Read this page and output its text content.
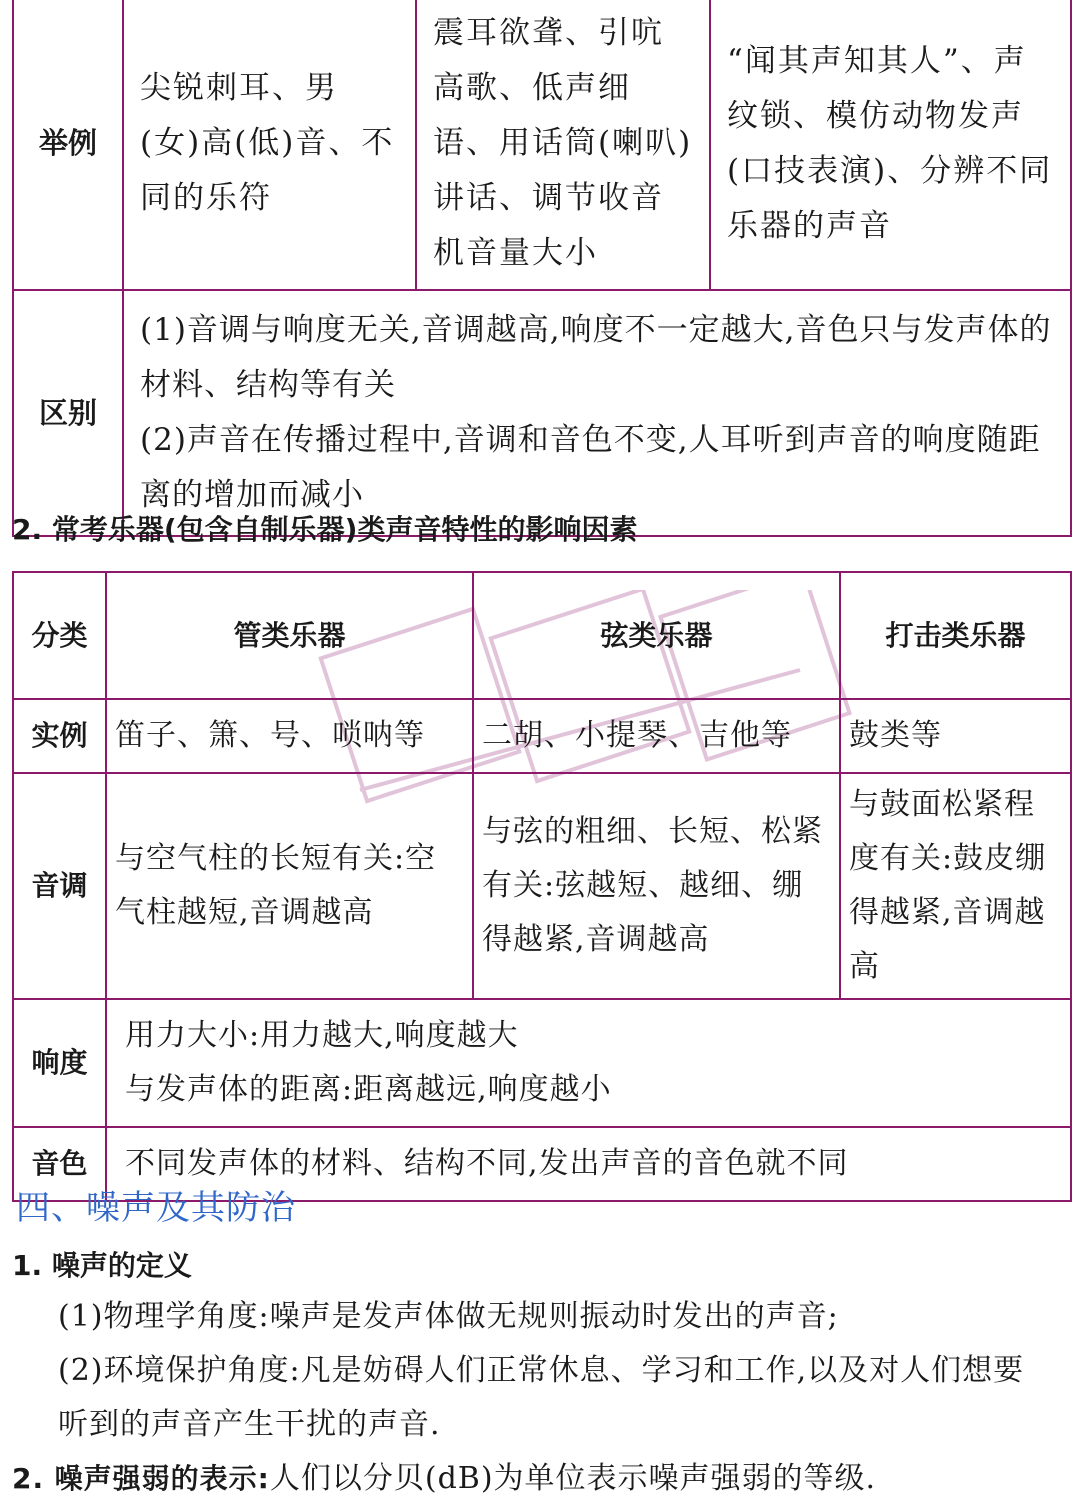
举例	尖锐刺耳、男(女)高(低)音、不同的乐符	震耳欲聋、引吭高歌、低声细语、用话筒(喇叭)讲话、调节收音机音量大小	“闻其声知其人”、声纹锁、模仿动物发声(口技表演)、分辨不同乐器的声音
区别	(1)音调与响度无关,音调越高,响度不一定越大,音色只与发声体的材料、结构等有关
(2)声音在传播过程中,音调和音色不变,人耳听到声音的响度随距离的增加而减小		
2. 常考乐器(包含自制乐器)类声音特性的影响因素
分类	管类乐器	弦类乐器	打击类乐器
实例	笛子、箫、号、唢呐等	二胡、小提琴、吉他等	鼓类等
音调	与空气柱的长短有关:空气柱越短,音调越高	与弦的粗细、长短、松紧有关:弦越短、越细、绷得越紧,音调越高	与鼓面松紧程度有关:鼓皮绷得越紧,音调越高
响度	用力大小:用力越大,响度越大
与发声体的距离:距离越远,响度越小		

音色	不同发声体的材料、结构不同,发出声音的音色就不同		
四、噪声及其防治
1. 噪声的定义
(1)物理学角度:噪声是发声体做无规则振动时发出的声音;
(2)环境保护角度:凡是妨碍人们正常休息、学习和工作,以及对人们想要
听到的声音产生干扰的声音.
2. 噪声强弱的表示:人们以分贝(dB)为单位表示噪声强弱的等级.
